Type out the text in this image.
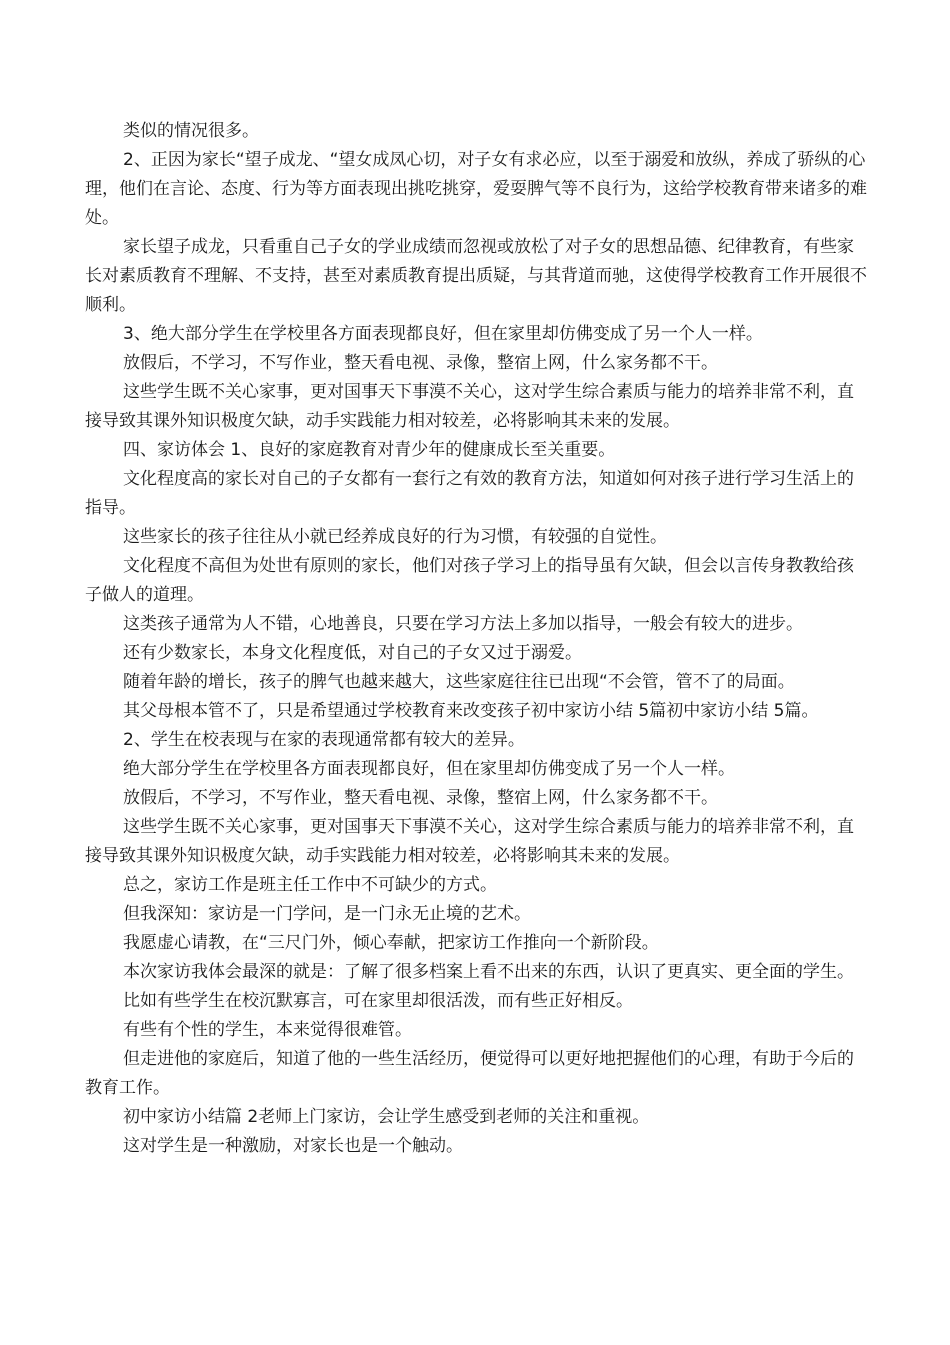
类似的情况很多。

2、正因为家长“望子成龙、“望女成凤心切，对子女有求必应，以至于溺爱和放纵，养成了骄纵的心理，他们在言论、态度、行为等方面表现出挑吃挑穿，爱耍脾气等不良行为，这给学校教育带来诸多的难处。

家长望子成龙，只看重自己子女的学业成绩而忽视或放松了对子女的思想品德、纪律教育，有些家长对素质教育不理解、不支持，甚至对素质教育提出质疑，与其背道而驰，这使得学校教育工作开展很不顺利。

3、绝大部分学生在学校里各方面表现都良好，但在家里却仿佛变成了另一个人一样。

放假后，不学习，不写作业，整天看电视、录像，整宿上网，什么家务都不干。

这些学生既不关心家事，更对国事天下事漠不关心，这对学生综合素质与能力的培养非常不利，直接导致其课外知识极度欠缺，动手实践能力相对较差，必将影响其未来的发展。

四、家访体会 1、良好的家庭教育对青少年的健康成长至关重要。

文化程度高的家长对自己的子女都有一套行之有效的教育方法，知道如何对孩子进行学习生活上的指导。

这些家长的孩子往往从小就已经养成良好的行为习惯，有较强的自觉性。

文化程度不高但为处世有原则的家长，他们对孩子学习上的指导虽有欠缺，但会以言传身教教给孩子做人的道理。

这类孩子通常为人不错，心地善良，只要在学习方法上多加以指导，一般会有较大的进步。

还有少数家长，本身文化程度低，对自己的子女又过于溺爱。

随着年龄的增长，孩子的脾气也越来越大，这些家庭往往已出现“不会管，管不了的局面。

其父母根本管不了，只是希望通过学校教育来改变孩子初中家访小结 5篇初中家访小结 5篇。

2、学生在校表现与在家的表现通常都有较大的差异。

绝大部分学生在学校里各方面表现都良好，但在家里却仿佛变成了另一个人一样。

放假后，不学习，不写作业，整天看电视、录像，整宿上网，什么家务都不干。

这些学生既不关心家事，更对国事天下事漠不关心，这对学生综合素质与能力的培养非常不利，直接导致其课外知识极度欠缺，动手实践能力相对较差，必将影响其未来的发展。

总之，家访工作是班主任工作中不可缺少的方式。

但我深知：家访是一门学问，是一门永无止境的艺术。

我愿虚心请教，在“三尺门外，倾心奉献，把家访工作推向一个新阶段。

本次家访我体会最深的就是：了解了很多档案上看不出来的东西，认识了更真实、更全面的学生。

比如有些学生在校沉默寡言，可在家里却很活泼，而有些正好相反。

有些有个性的学生，本来觉得很难管。

但走进他的家庭后，知道了他的一些生活经历，便觉得可以更好地把握他们的心理，有助于今后的教育工作。

初中家访小结篇 2老师上门家访，会让学生感受到老师的关注和重视。

这对学生是一种激励，对家长也是一个触动。
